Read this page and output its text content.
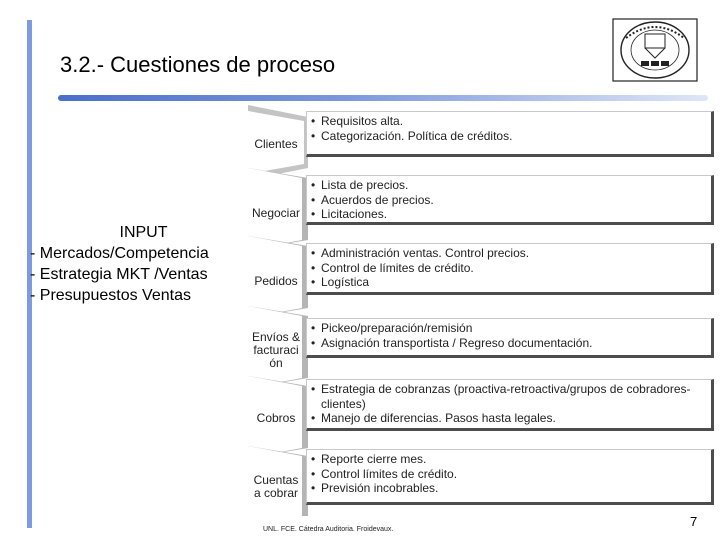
3.2.- Cuestiones de proceso
INPUT
- Mercados/Competencia
- Estrategia MKT /Ventas
- Presupuestos Ventas
Clientes
• Requisitos alta.
• Categorización. Política de créditos.
Negociar
• Lista de precios.
• Acuerdos de precios.
• Licitaciones.
Pedidos
• Administración ventas. Control precios.
• Control de límites de crédito.
• Logística
Envíos &
facturaci
ón
• Pickeo/preparación/remisión
• Asignación transportista / Regreso documentación.
Cobros
• Estrategia de cobranzas (proactiva-retroactiva/grupos de cobradores-clientes)
• Manejo de diferencias. Pasos hasta legales.
Cuentas
a cobrar
• Reporte cierre mes.
• Control límites de crédito.
• Previsión incobrables.
UNL. FCE. Cátedra Auditoria. Froidevaux.
7
